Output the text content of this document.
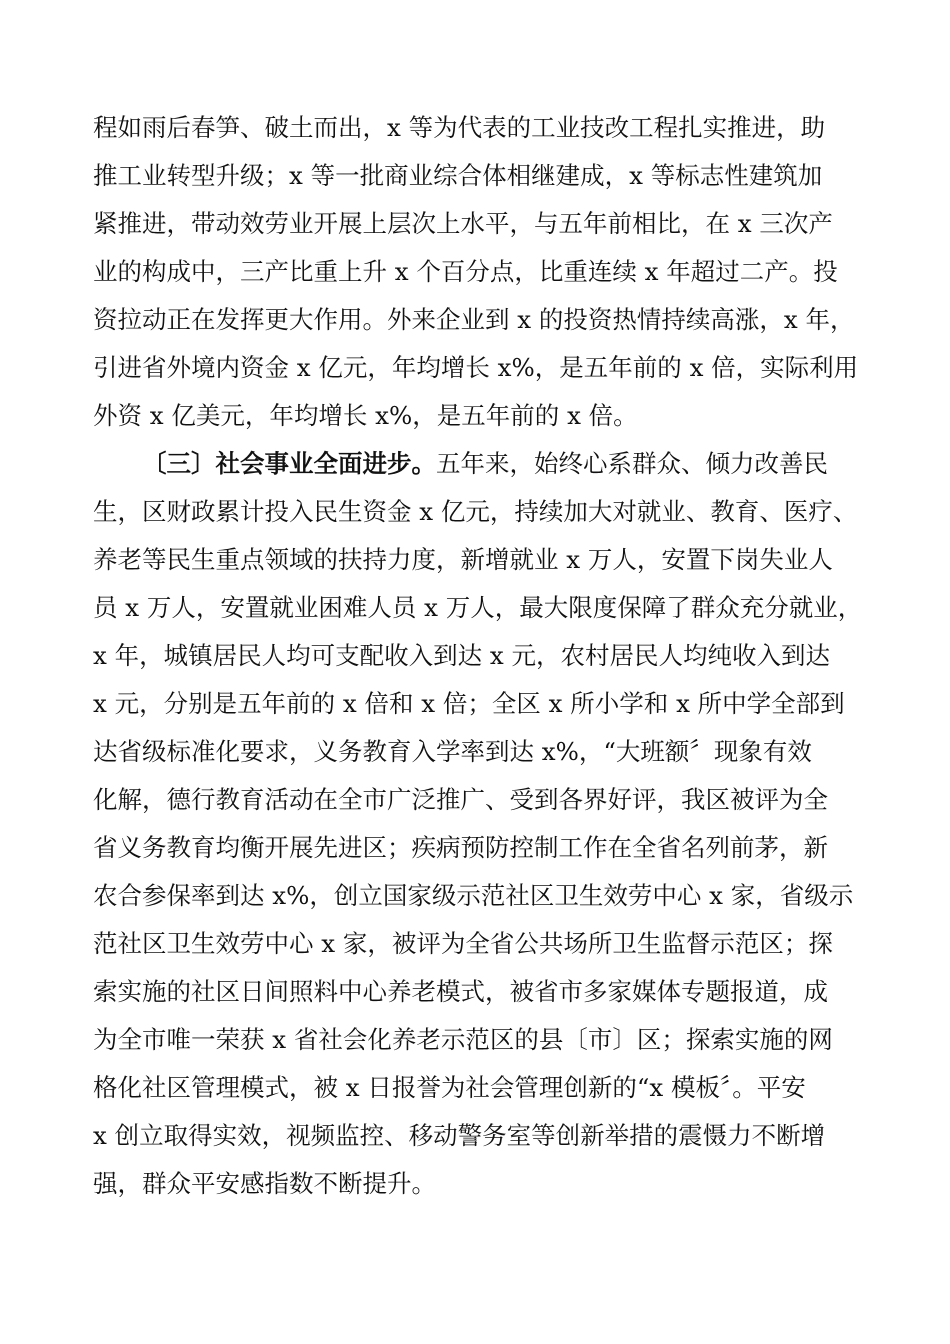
程如雨后春笋、破土而出，x 等为代表的工业技改工程扎实推进，助
推工业转型升级；x 等一批商业综合体相继建成，x 等标志性建筑加
紧推进，带动效劳业开展上层次上水平，与五年前相比，在 x 三次产
业的构成中，三产比重上升 x 个百分点，比重连续 x 年超过二产。投
资拉动正在发挥更大作用。外来企业到 x 的投资热情持续高涨，x 年，
引进省外境内资金 x 亿元，年均增长 x%，是五年前的 x 倍，实际利用
外资 x 亿美元，年均增长 x%，是五年前的 x 倍。
〔三〕社会事业全面进步。五年来，始终心系群众、倾力改善民
生，区财政累计投入民生资金 x 亿元，持续加大对就业、教育、医疗、
养老等民生重点领域的扶持力度，新增就业 x 万人，安置下岗失业人
员 x 万人，安置就业困难人员 x 万人，最大限度保障了群众充分就业，
x 年，城镇居民人均可支配收入到达 x 元，农村居民人均纯收入到达
x 元，分别是五年前的 x 倍和 x 倍；全区 x 所小学和 x 所中学全部到
达省级标准化要求，义务教育入学率到达 x%，“大班额〞现象有效
化解，德行教育活动在全市广泛推广、受到各界好评，我区被评为全
省义务教育均衡开展先进区；疾病预防控制工作在全省名列前茅，新
农合参保率到达 x%，创立国家级示范社区卫生效劳中心 x 家，省级示
范社区卫生效劳中心 x 家，被评为全省公共场所卫生监督示范区；探
索实施的社区日间照料中心养老模式，被省市多家媒体专题报道，成
为全市唯一荣获 x 省社会化养老示范区的县〔市〕区；探索实施的网
格化社区管理模式，被 x 日报誉为社会管理创新的“x 模板〞。平安
x 创立取得实效，视频监控、移动警务室等创新举措的震慑力不断增
强，群众平安感指数不断提升。
